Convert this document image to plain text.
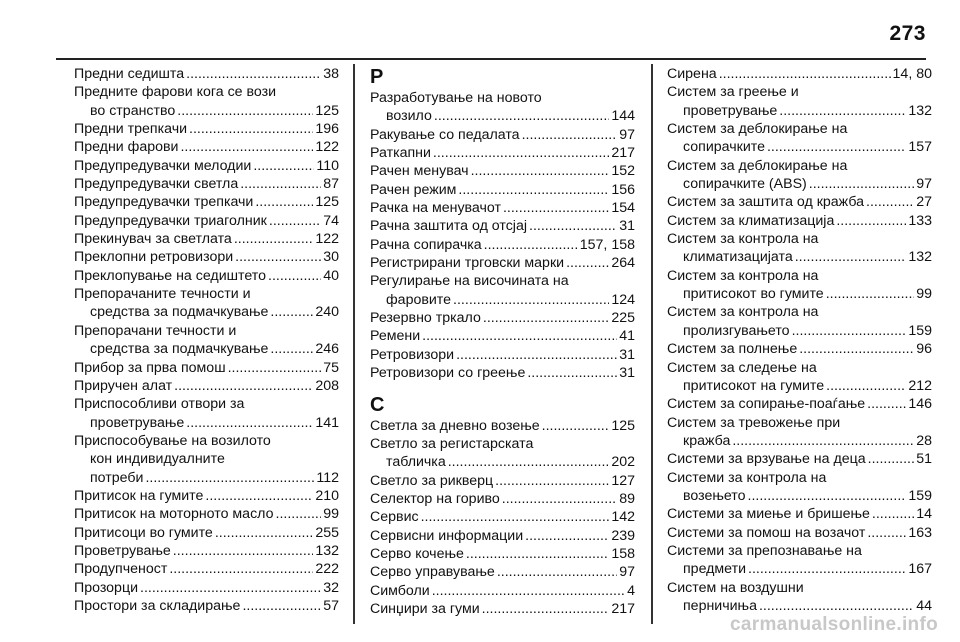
273
Предни седишта .....	38
Предните фарови кога се вози
во странство .....	125
Предни трепкачи .....	196
Предни фарови .....	122
Предупредувачки мелодии .....	110
Предупредувачки светла .....	87
Предупредувачки трепкачи .....	125
Предупредувачки триаголник .....	74
Прекинувач за светлата .....	122
Преклопни ретровизори .....	30
Преклопување на седиштето .....	40
Препорачаните течности и
средства за подмачкување .....	240
Препорачани течности и
средства за подмачкување .....	246
Прибор за прва помош .....	75
Приручен алат .....	208
Приспособливи отвори за
проветрување .....	141
Приспособување на возилото
кон индивидуалните
потреби .....	112
Притисок на гумите .....	210
Притисок на моторното масло .....	99
Притисоци во гумите .....	255
Проветрување .....	132
Продупченост .....	222
Прозорци .....	32
Простори за складирање .....	57
Р
Разработување на новото
возило .....	144
Ракување со педалата .....	97
Раткапни .....	217
Рачен менувач .....	152
Рачен режим .....	156
Рачка на менувачот .....	154
Рачна заштита од отсјај .....	31
Рачна сопирачка .....	157, 158
Регистрирани трговски марки .....	264
Регулирање на височината на
фаровите .....	124
Резервно тркало .....	225
Ремени .....	41
Ретровизори .....	31
Ретровизори со греење .....	31
С
Светла за дневно возење .....	125
Светло за регистарската
табличка .....	202
Светло за рикверц .....	127
Селектор на гориво .....	89
Сервис .....	142
Сервисни информации .....	239
Серво кочење .....	158
Серво управување .....	97
Симболи .....	4
Синџири за гуми .....	217
Сирена .....	14, 80
Систем за греење и
проветрување .....	132
Систем за деблокирање на
сопирачките .....	157
Систем за деблокирање на
сопирачките (ABS) .....	97
Систем за заштита од кражба .....	27
Систем за климатизација .....	133
Систем за контрола на
климатизацијата .....	132
Систем за контрола на
притисокот во гумите .....	99
Систем за контрола на
пролизгувањето .....	159
Систем за полнење .....	96
Систем за следење на
притисокот на гумите .....	212
Систем за сопирање-поаѓање .....	146
Систем за тревожење при
кражба .....	28
Системи за врзување на деца .....	51
Системи за контрола на
возењето .....	159
Системи за миење и бришење .....	14
Системи за помош на возачот .....	163
Системи за препознавање на
предмети .....	167
Систем на воздушни
перничиња .....	44
carmanualsonline.info
